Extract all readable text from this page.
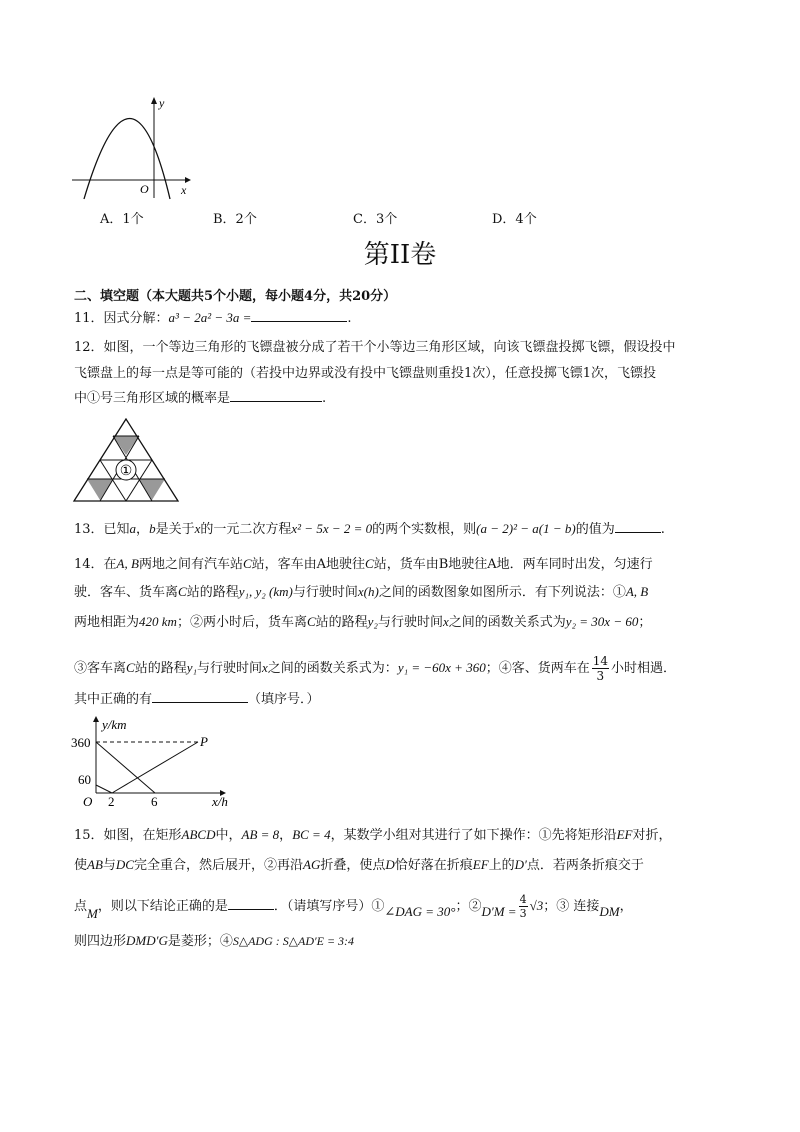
y
x
O
A．1个	B．2个	C．3个	D．4个
第II卷
二、填空题（本大题共5个小题，每小题4分，共20分）
11．因式分解：a³ − 2a² − 3a =	.
12．如图，一个等边三角形的飞镖盘被分成了若干个小等边三角形区域，向该飞镖盘投掷飞镖，假设投中
飞镖盘上的每一点是等可能的（若投中边界或没有投中飞镖盘则重投1次），任意投掷飞镖1次，飞镖投
中①号三角形区域的概率是	.
①
13．已知a，b是关于x的一元二次方程x² − 5x − 2 = 0的两个实数根，则(a − 2)² − a(1 − b)的值为	.
14．在A, B两地之间有汽车站C站，客车由A地驶往C站，货车由B地驶往A地．两车同时出发，匀速行
驶．客车、货车离C站的路程y₁, y₂ (km)与行驶时间x(h)之间的函数图象如图所示．有下列说法：①A, B
两地相距为420 km；②两小时后，货车离C站的路程y₂与行驶时间x之间的函数关系式为y₂ = 30x − 60；
③客车离C站的路程y₁与行驶时间x之间的函数关系式为：y₁ = −60x + 360；④客、货两车在 $\frac{14}{3}$ 小时相遇．
其中正确的有	（填序号．）
y/km
360
60
O 2	6	x/h
P
15．如图，在矩形ABCD中，AB = 8，BC = 4，某数学小组对其进行了如下操作：①先将矩形沿EF对折，
使AB与DC完全重合，然后展开，②再沿AG折叠，使点D恰好落在折痕EF上的D′点．若两条折痕交于
点M，则以下结论正确的是	．（请填写序号）①∠DAG = 30°；②D′M = $\frac{4}{3} √3$；③ 连接DM，
则四边形DMD′G是菱形；④S△ADG : S△AD′E = 3:4
